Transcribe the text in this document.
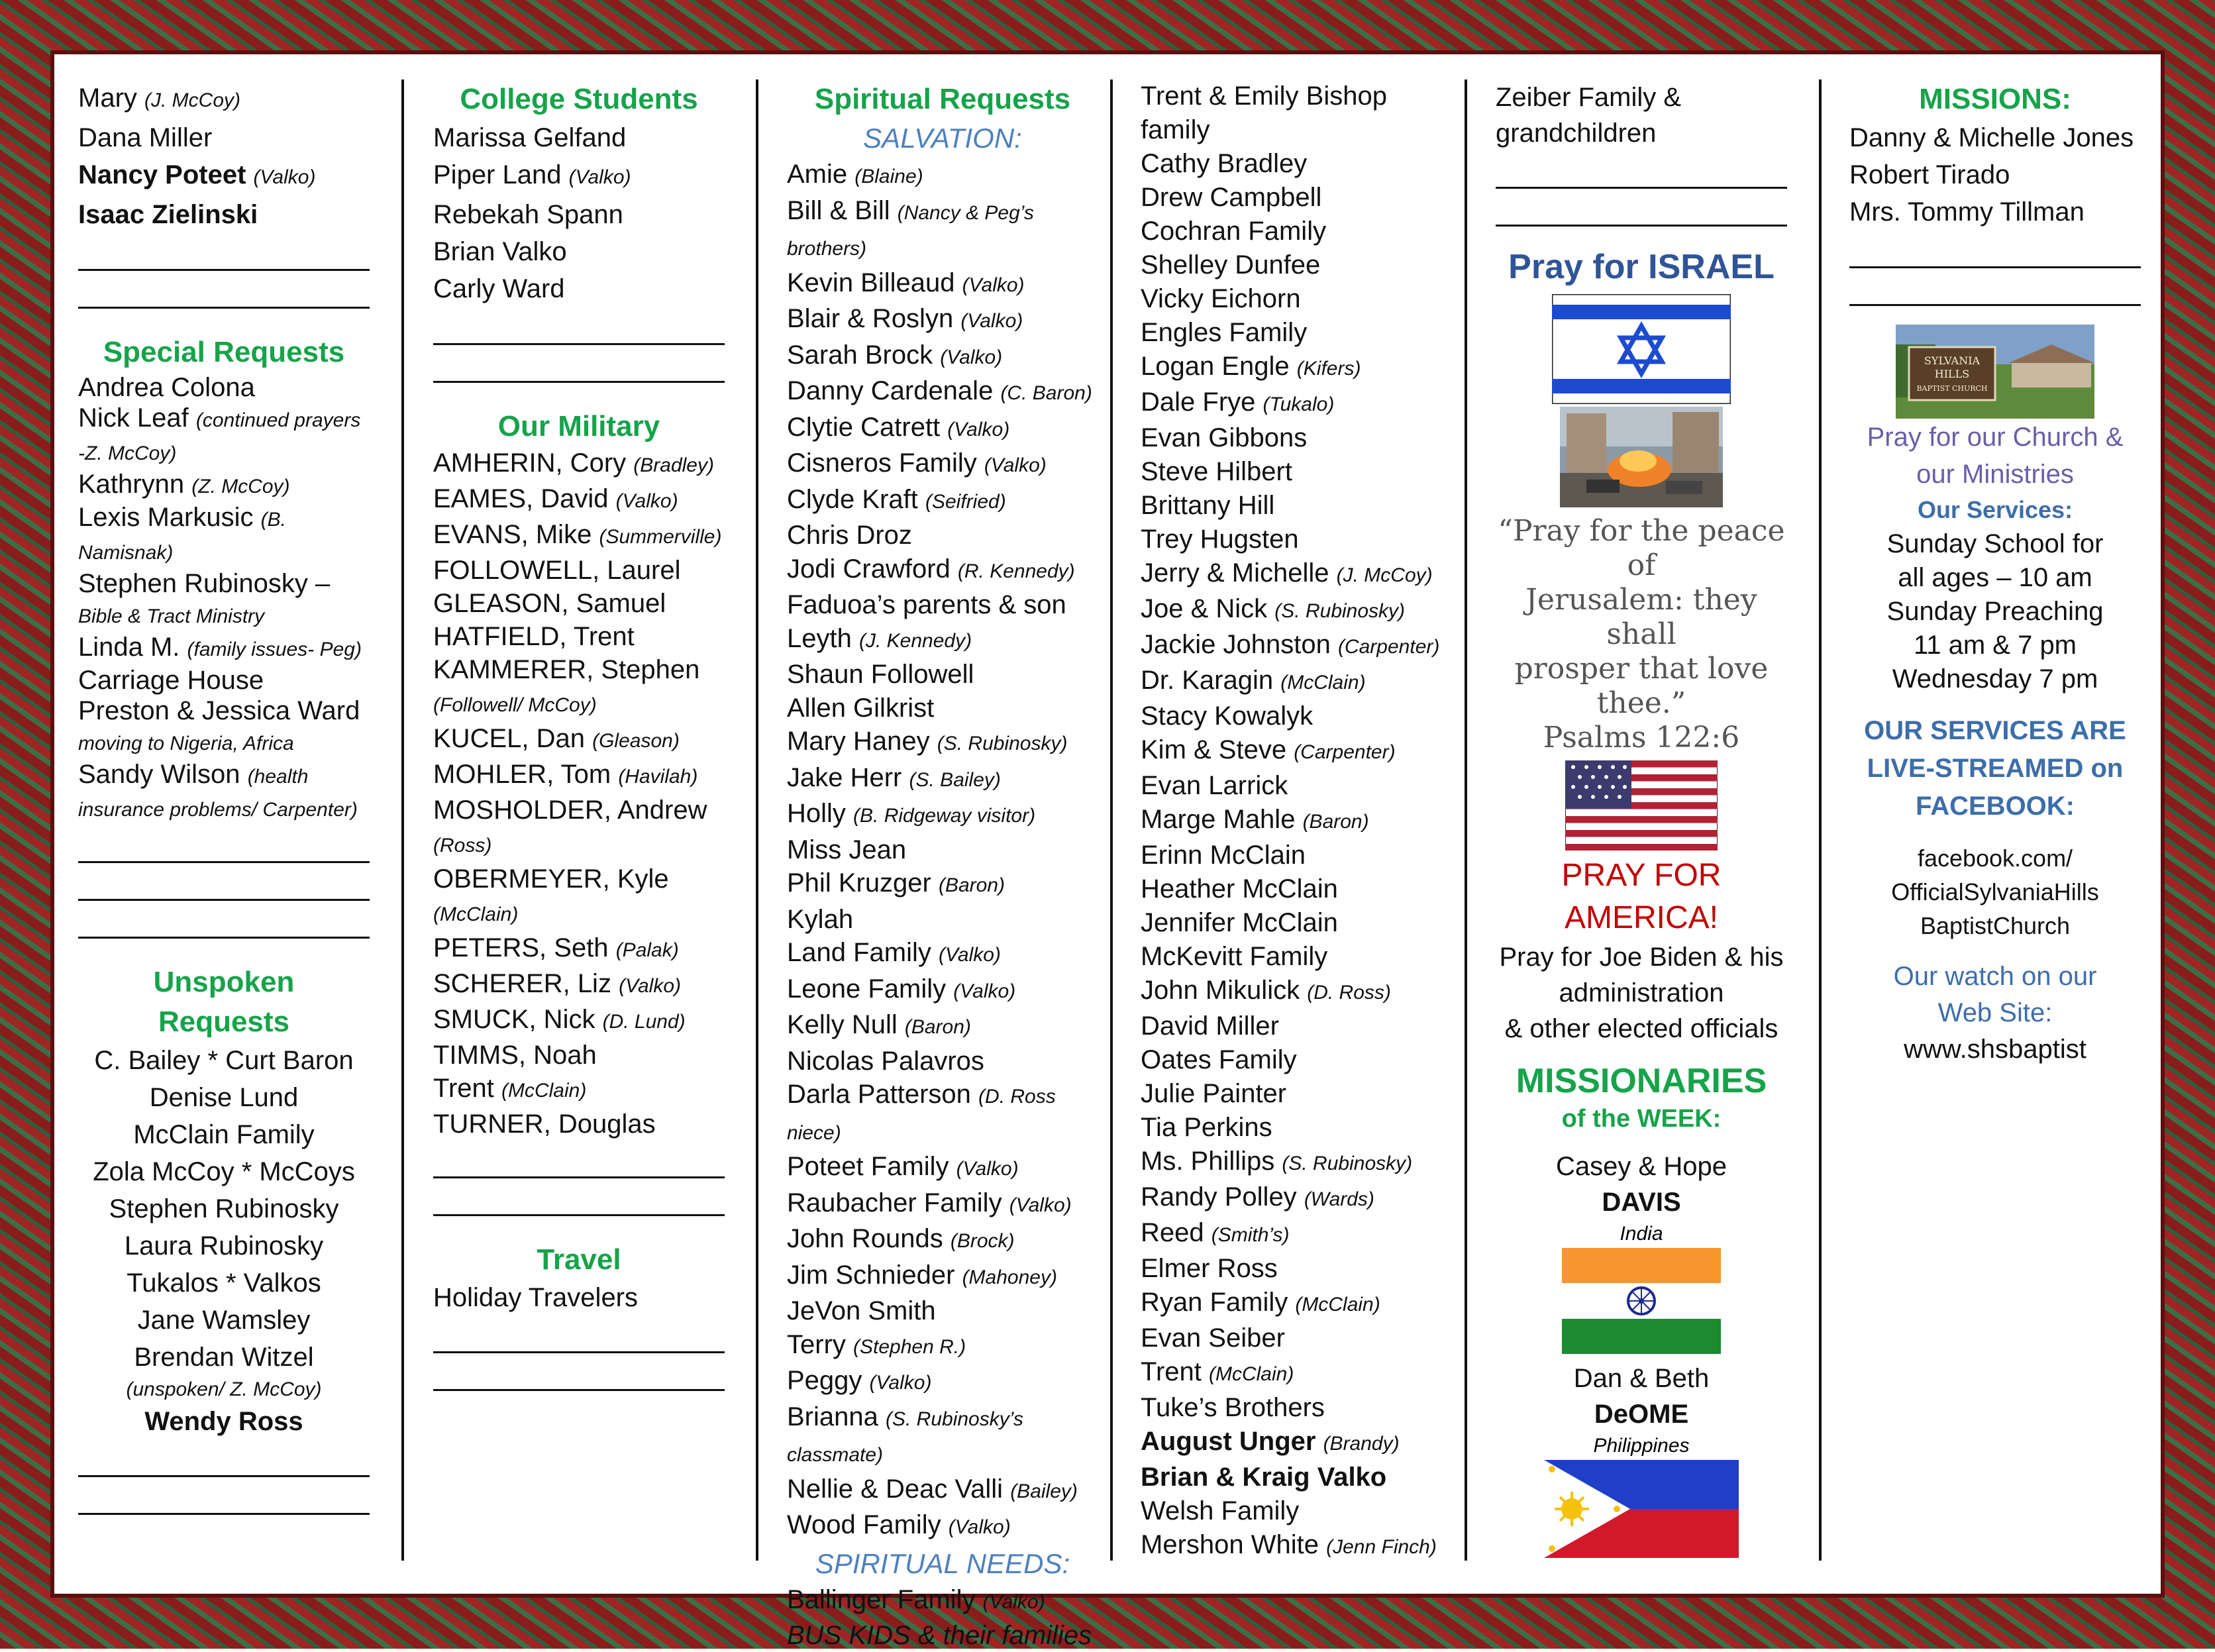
Mary (J. McCoy)
Dana Miller
Nancy Poteet (Valko)
Isaac Zielinski
Special Requests
Andrea Colona
Nick Leaf (continued prayers -Z. McCoy)
Kathrynn (Z. McCoy)
Lexis Markusic (B. Namisnak)
Stephen Rubinosky – Bible & Tract Ministry
Linda M. (family issues- Peg)
Carriage House
Preston & Jessica Ward moving to Nigeria, Africa
Sandy Wilson (health insurance problems/ Carpenter)
Unspoken
Requests
C. Bailey * Curt Baron
Denise Lund
McClain Family
Zola McCoy * McCoys
Stephen Rubinosky
Laura Rubinosky
Tukalos * Valkos
Jane Wamsley
Brendan Witzel
(unspoken/ Z. McCoy)
Wendy Ross
College Students
Marissa Gelfand
Piper Land (Valko)
Rebekah Spann
Brian Valko
Carly Ward
Our Military
AMHERIN, Cory (Bradley)
EAMES, David (Valko)
EVANS, Mike (Summerville)
FOLLOWELL, Laurel
GLEASON, Samuel
HATFIELD, Trent
KAMMERER, Stephen (Followell/ McCoy)
KUCEL, Dan (Gleason)
MOHLER, Tom (Havilah)
MOSHOLDER, Andrew (Ross)
OBERMEYER, Kyle (McClain)
PETERS, Seth (Palak)
SCHERER, Liz (Valko)
SMUCK, Nick (D. Lund)
TIMMS, Noah
Trent (McClain)
TURNER, Douglas
Travel
Holiday Travelers
Spiritual Requests
SALVATION:
Amie (Blaine)
Bill & Bill (Nancy & Peg’s brothers)
Kevin Billeaud (Valko)
Blair & Roslyn (Valko)
Sarah Brock (Valko)
Danny Cardenale (C. Baron)
Clytie Catrett (Valko)
Cisneros Family (Valko)
Clyde Kraft (Seifried)
Chris Droz
Jodi Crawford (R. Kennedy)
Faduoa’s parents & son
Leyth (J. Kennedy)
Shaun Followell
Allen Gilkrist
Mary Haney (S. Rubinosky)
Jake Herr (S. Bailey)
Holly (B. Ridgeway visitor)
Miss Jean
Phil Kruzger (Baron)
Kylah
Land Family (Valko)
Leone Family (Valko)
Kelly Null (Baron)
Nicolas Palavros
Darla Patterson (D. Ross niece)
Poteet Family (Valko)
Raubacher Family (Valko)
John Rounds (Brock)
Jim Schnieder (Mahoney)
JeVon Smith
Terry (Stephen R.)
Peggy (Valko)
Brianna (S. Rubinosky’s classmate)
Nellie & Deac Valli (Bailey)
Wood Family (Valko)
SPIRITUAL NEEDS:
Ballinger Family (Valko)
BUS KIDS & their families
Trent & Emily Bishop family
Cathy Bradley
Drew Campbell
Cochran Family
Shelley Dunfee
Vicky Eichorn
Engles Family
Logan Engle (Kifers)
Dale Frye (Tukalo)
Evan Gibbons
Steve Hilbert
Brittany Hill
Trey Hugsten
Jerry & Michelle (J. McCoy)
Joe & Nick (S. Rubinosky)
Jackie Johnston (Carpenter)
Dr. Karagin (McClain)
Stacy Kowalyk
Kim & Steve (Carpenter)
Evan Larrick
Marge Mahle (Baron)
Erinn McClain
Heather McClain
Jennifer McClain
McKevitt Family
John Mikulick (D. Ross)
David Miller
Oates Family
Julie Painter
Tia Perkins
Ms. Phillips (S. Rubinosky)
Randy Polley (Wards)
Reed (Smith’s)
Elmer Ross
Ryan Family (McClain)
Evan Seiber
Trent (McClain)
Tuke’s Brothers
August Unger (Brandy)
Brian & Kraig Valko
Welsh Family
Mershon White (Jenn Finch)
Zeiber Family & grandchildren
Pray for ISRAEL
“Pray for the peace of
Jerusalem: they shall
prosper that love
thee.”
Psalms 122:6
PRAY FOR
AMERICA!
Pray for Joe Biden & his
administration
& other elected officials
MISSIONARIES
of the WEEK:
Casey & Hope
DAVIS
India
Dan & Beth
DeOME
Philippines
MISSIONS:
Danny & Michelle Jones
Robert Tirado
Mrs. Tommy Tillman
SYLVANIA
HILLS
BAPTIST CHURCH
Pray for our Church &
our Ministries
Our Services:
Sunday School for
all ages – 10 am
Sunday Preaching
11 am & 7 pm
Wednesday 7 pm
OUR SERVICES ARE
LIVE-STREAMED on
FACEBOOK:
facebook.com/
OfficialSylvaniaHills
BaptistChurch
Our watch on our
Web Site:
www.shsbaptist
